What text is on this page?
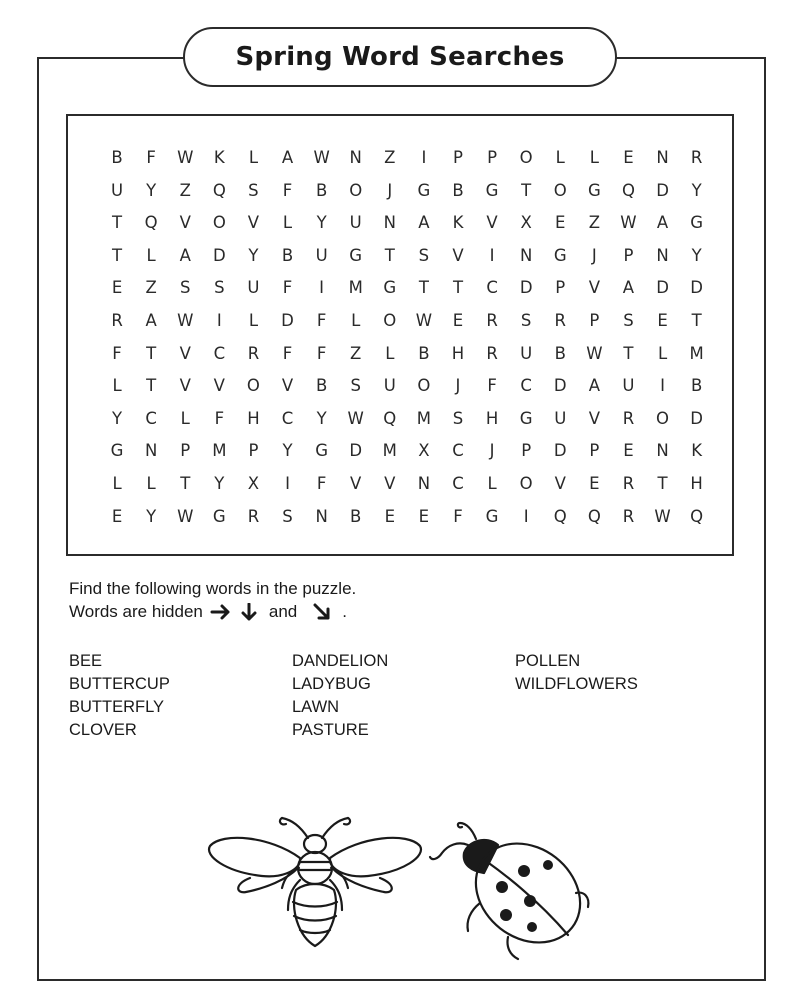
Spring Word Searches
B	F	W	K	L	A	W	N	Z	I	P	P	O	L	L	E	N	R
U	Y	Z	Q	S	F	B	O	J	G	B	G	T	O	G	Q	D	Y
T	Q	V	O	V	L	Y	U	N	A	K	V	X	E	Z	W	A	G
T	L	A	D	Y	B	U	G	T	S	V	I	N	G	J	P	N	Y
E	Z	S	S	U	F	I	M	G	T	T	C	D	P	V	A	D	D
R	A	W	I	L	D	F	L	O	W	E	R	S	R	P	S	E	T
F	T	V	C	R	F	F	Z	L	B	H	R	U	B	W	T	L	M
L	T	V	V	O	V	B	S	U	O	J	F	C	D	A	U	I	B
Y	C	L	F	H	C	Y	W	Q	M	S	H	G	U	V	R	O	D
G	N	P	M	P	Y	G	D	M	X	C	J	P	D	P	E	N	K
L	L	T	Y	X	I	F	V	V	N	C	L	O	V	E	R	T	H
E	Y	W	G	R	S	N	B	E	E	F	G	I	Q	Q	R	W	Q
Find the following words in the puzzle.
Words are hidden	and	.
BEE
BUTTERCUP
BUTTERFLY
CLOVER
DANDELION
LADYBUG
LAWN
PASTURE
POLLEN
WILDFLOWERS
